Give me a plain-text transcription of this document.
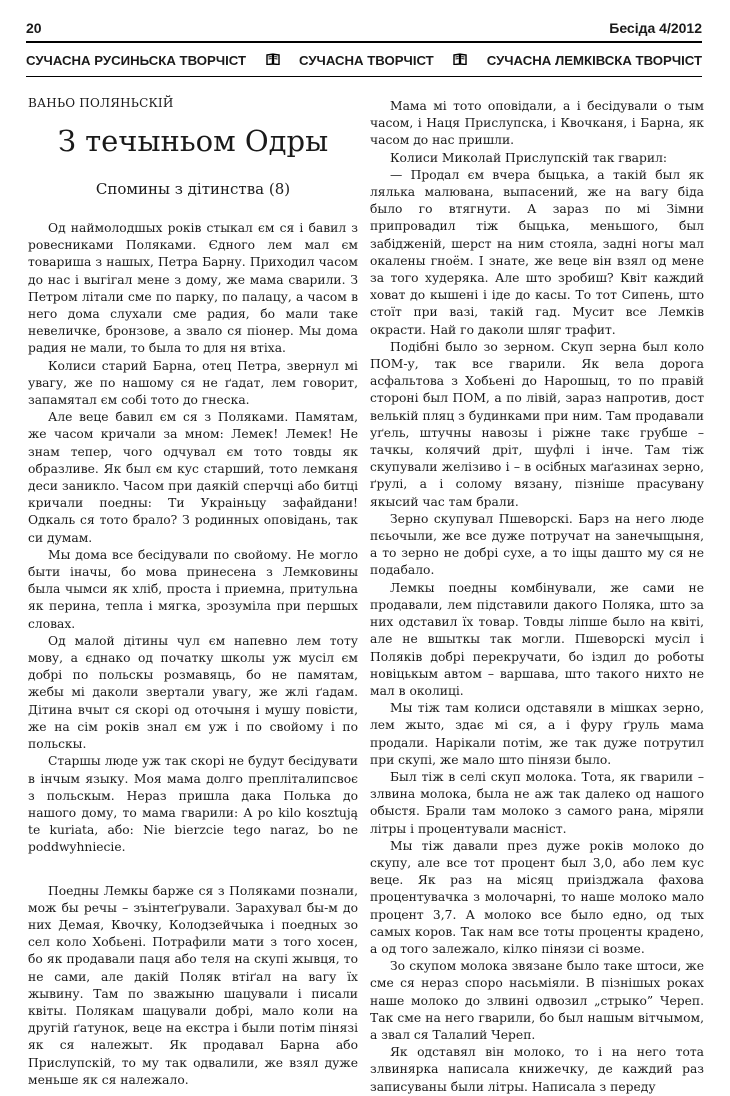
20	Бесіда 4/2012
СУЧАСНА РУСИНЬСКА ТВОРЧІСТ	СУЧАСНА ТВОРЧІСТ	СУЧАСНА ЛЕМКІВСКА ТВОРЧІСТ
ВАНЬО ПОЛЯНЬСКІЙ
З течыньом Одры
Спомины з дітинства (8)

Од наймолодшых років стыкал єм ся і бавил з ровесниками Поляками. Єдного лем мал єм товариша з нашых, Петра Барну. Приходил часом до нас і выгiгал мене з дому, же мама сварили. З Петром літали сме по парку, по палацу, а часом в него дома слухали сме радия, бо мали таке невеличке, бронзове, а звало ся піонер. Мы дома радия не мали, то была то для ня втіха.

Колиси старий Барна, отец Петра, звернул мі увагу, же по нашому ся не ґадат, лем говорит, запамятал єм собі тото до гнеска.

Але веце бавил єм ся з Поляками. Памятам, же часом кричали за мном: Лемек! Лемек! Не знам тепер, чого одчувал єм тото товды як образливе. Як был єм кус старший, тото лемканя деси заникло. Часом при даякій сперчці або битці кричали поедны: Ти Украіньцу зафайдани! Одкаль ся тото брало? З родинных оповідань, так си думам.

Мы дома все бесідували по свойому. Не могло быти іначы, бо мова принесена з Лемковины была чымси як хліб, проста і приемна, притульна як перина, тепла і мягка, зрозуміла при першых словах.

Од малой дітины чул єм напевно лем тоту мову, а єднако од початку школы уж мусіл єм добрі по польскы розмавяць, бо не памятам, жебы мі даколи звертали увагу, же жлі ґадам. Дітина вчыт ся скорі од оточыня і мушу повісти, же на сім років знал єм уж і по свойому і по польскы.

Старшы люде уж так скорі не будут бесідувати в інчым языку. Моя мама долго препліталипсвоє з польскым. Нераз пришла дака Полька до нашого дому, то мама гварили: A po kilo kosztują te kuriata, або: Nie bierzcie tego naraz, bo ne poddwyhniecie.

Поедны Лемкы барже ся з Поляками познали, мож бы речы – зъінтеґрували. Зарахувал бы-м до них Демая, Квочку, Колодзейчыка і поедных зо сел коло Хобьені. Потрафили мати з того хосен, бо як продавали паця або теля на скупі жывця, то не сами, але дакій Поляк втіґал на вагу їх жывину. Там по зважыню шацували і писали квіты. Полякам шацували добрі, мало коли на другій ґатунок, веце на екстра і были потім пінязі як ся належыт. Як продавал Барна або Прислупскій, то му так одвалили, же взял дуже меньше як ся належало.

Мама мі тото оповідали, а і бесідували о тым часом, і Наця Прислупска, і Квочканя, і Барна, як часом до нас пришли.

Колиси Миколай Прислупскій так гварил:

— Продал єм вчера быцька, а такій был як лялька малювана, выпасений, же на вагу біда было го втягнути. А зараз по мі Зімни припровадил тіж быцька, меньшого, был забідженій, шерст на ним стояла, задні ногы мал окалены гноём. І знате, же веце він взял од мене за того худеряка. Але што зробиш? Квіт каждий ховат до кышені і іде до касы. То тот Сипень, што стоїт при вазі, такій гад. Мусит все Лемків окрасти. Най го даколи шляг трафит.

Подібні было зо зерном. Скуп зерна был коло ПОМ-у, так все гварили. Як вела дорога асфальтова з Хобьені до Нарошыц, то по правій стороні был ПОМ, а по лівій, зараз напротив, дост велькій пляц з будинками при ним. Там продавали уґель, штучны навозы і ріжне такє грубше – тачкы, колячий дріт, шуфлі і інче. Там тіж скупували желізиво і – в осібных маґазинах зерно, ґрулі, а і солому вязану, пізніше прасувану якысий час там брали.

Зерно скупувал Пшеворскі. Барз на него люде пєьочыли, же все дуже потручат на занечыщыня, а то зерно не добрі сухе, а то іщы дашто му ся не подабало.

Лемкы поедны комбінували, же сами не продавали, лем підставили дакого Поляка, што за них одставил їх товар. Товды ліпше было на квіті, але не вшыткы так могли. Пшеворскі мусіл і Поляків добрі перекручати, бо іздил до роботы новіцькым автом – варшава, што такого нихто не мал в околиці.

Мы тіж там колиси одставяли в мішках зерно, лем жыто, здає мі ся, а і фуру ґруль мама продали. Нарікали потім, же так дуже потрутил при скупі, же мало што пінязи было.

Был тіж в селі скуп молока. Тота, як гварили – злвина молока, была не аж так далеко од нашого обыстя. Брали там молоко з самого рана, міряли літры і процентували масніст.

Мы тіж давали през дуже років молоко до скупу, але все тот процент был 3,0, або лем кус веце. Як раз на місяц приізджала фахова процентувачка з молочарні, то наше молоко мало процент 3,7. А молоко все было едно, од тых самых коров. Так нам все тоты проценты крадено, а од того залежало, кілко пінязи сі возме.

Зо скупом молока звязане было таке штоси, же сме ся нераз споро насьміяли. В пізнішых роках наше молоко до злвині одвозил „стрыко” Череп. Так сме на него гварили, бо был нашым вітчымом, а звал ся Талалий Череп.

Як одставял він молоко, то і на него тота злвинярка написала книжечку, де каждий раз записуваны были літры. Написала з переду
